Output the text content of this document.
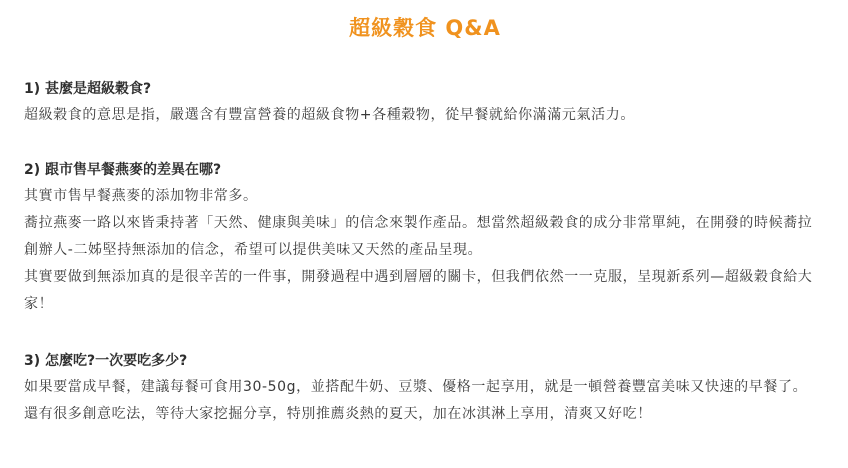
超級穀食 Q&A

1) 甚麼是超級穀食?

超級穀食的意思是指，嚴選含有豐富營養的超級食物+各種穀物，從早餐就給你滿滿元氣活力。

2) 跟市售早餐燕麥的差異在哪?

其實市售早餐燕麥的添加物非常多。

蕎拉燕麥一路以來皆秉持著「天然、健康與美味」的信念來製作產品。想當然超級穀食的成分非常單純，在開發的時候蕎拉創辦人-二姊堅持無添加的信念，希望可以提供美味又天然的產品呈現。

其實要做到無添加真的是很辛苦的一件事，開發過程中遇到層層的關卡，但我們依然一一克服，呈現新系列—超級穀食給大家！

3) 怎麼吃?一次要吃多少?

如果要當成早餐，建議每餐可食用30-50g，並搭配牛奶、豆漿、優格一起享用，就是一頓營養豐富美味又快速的早餐了。

還有很多創意吃法，等待大家挖掘分享，特別推薦炎熱的夏天，加在冰淇淋上享用，清爽又好吃！
